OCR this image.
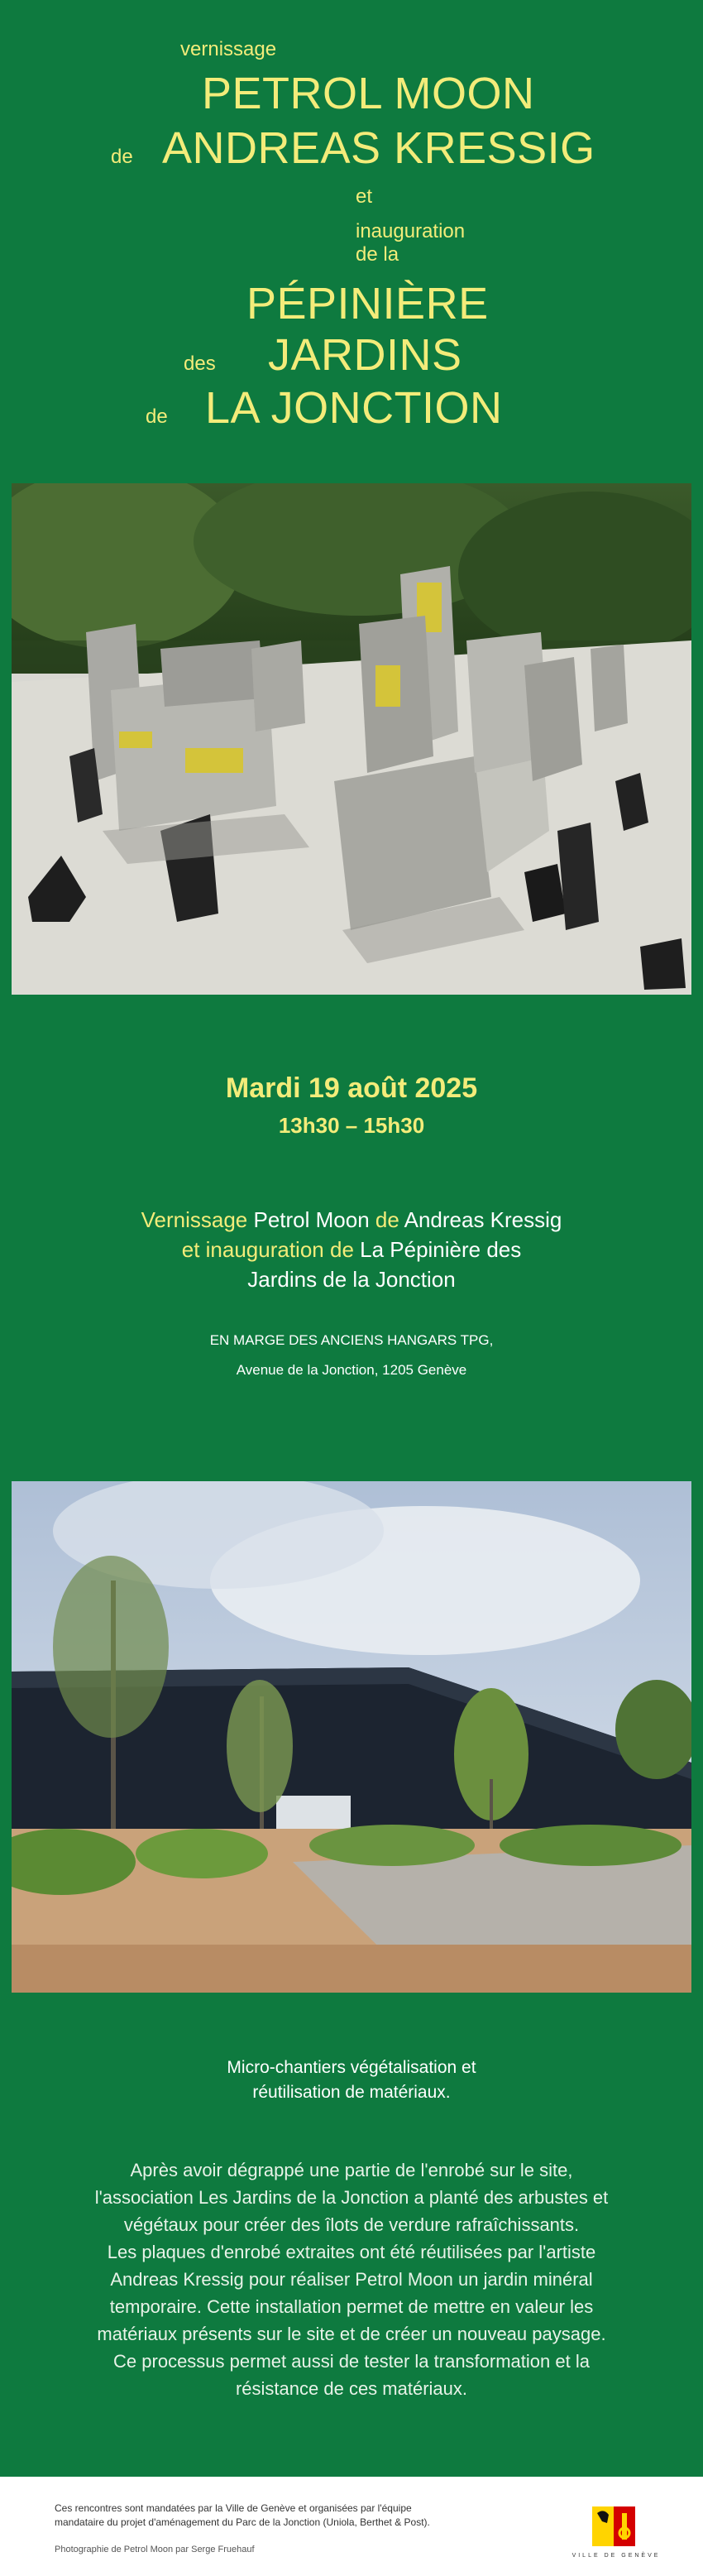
vernissage
PETROL MOON
de ANDREAS KRESSIG
et
inauguration
de la
PÉPINIÈRE
des JARDINS
de LA JONCTION
Mardi 19 août 2025
13h30 – 15h30
Vernissage Petrol Moon de Andreas Kressig
et inauguration de La Pépinière des
Jardins de la Jonction
EN MARGE DES ANCIENS HANGARS TPG,
Avenue de la Jonction, 1205 Genève
Micro-chantiers végétalisation et
réutilisation de matériaux.
Après avoir dégrappé une partie de l'enrobé sur le site,
l'association Les Jardins de la Jonction a planté des arbustes et
végétaux pour créer des îlots de verdure rafraîchissants.
Les plaques d'enrobé extraites ont été réutilisées par l'artiste
Andreas Kressig pour réaliser Petrol Moon un jardin minéral
temporaire. Cette installation permet de mettre en valeur les
matériaux présents sur le site et de créer un nouveau paysage.
Ce processus permet aussi de tester la transformation et la
résistance de ces matériaux.
Ces rencontres sont mandatées par la Ville de Genève et organisées par l'équipe
mandataire du projet d'aménagement du Parc de la Jonction (Uniola, Berthet & Post).
Photographie de Petrol Moon par Serge Fruehauf
VILLE DE GENÈVE
